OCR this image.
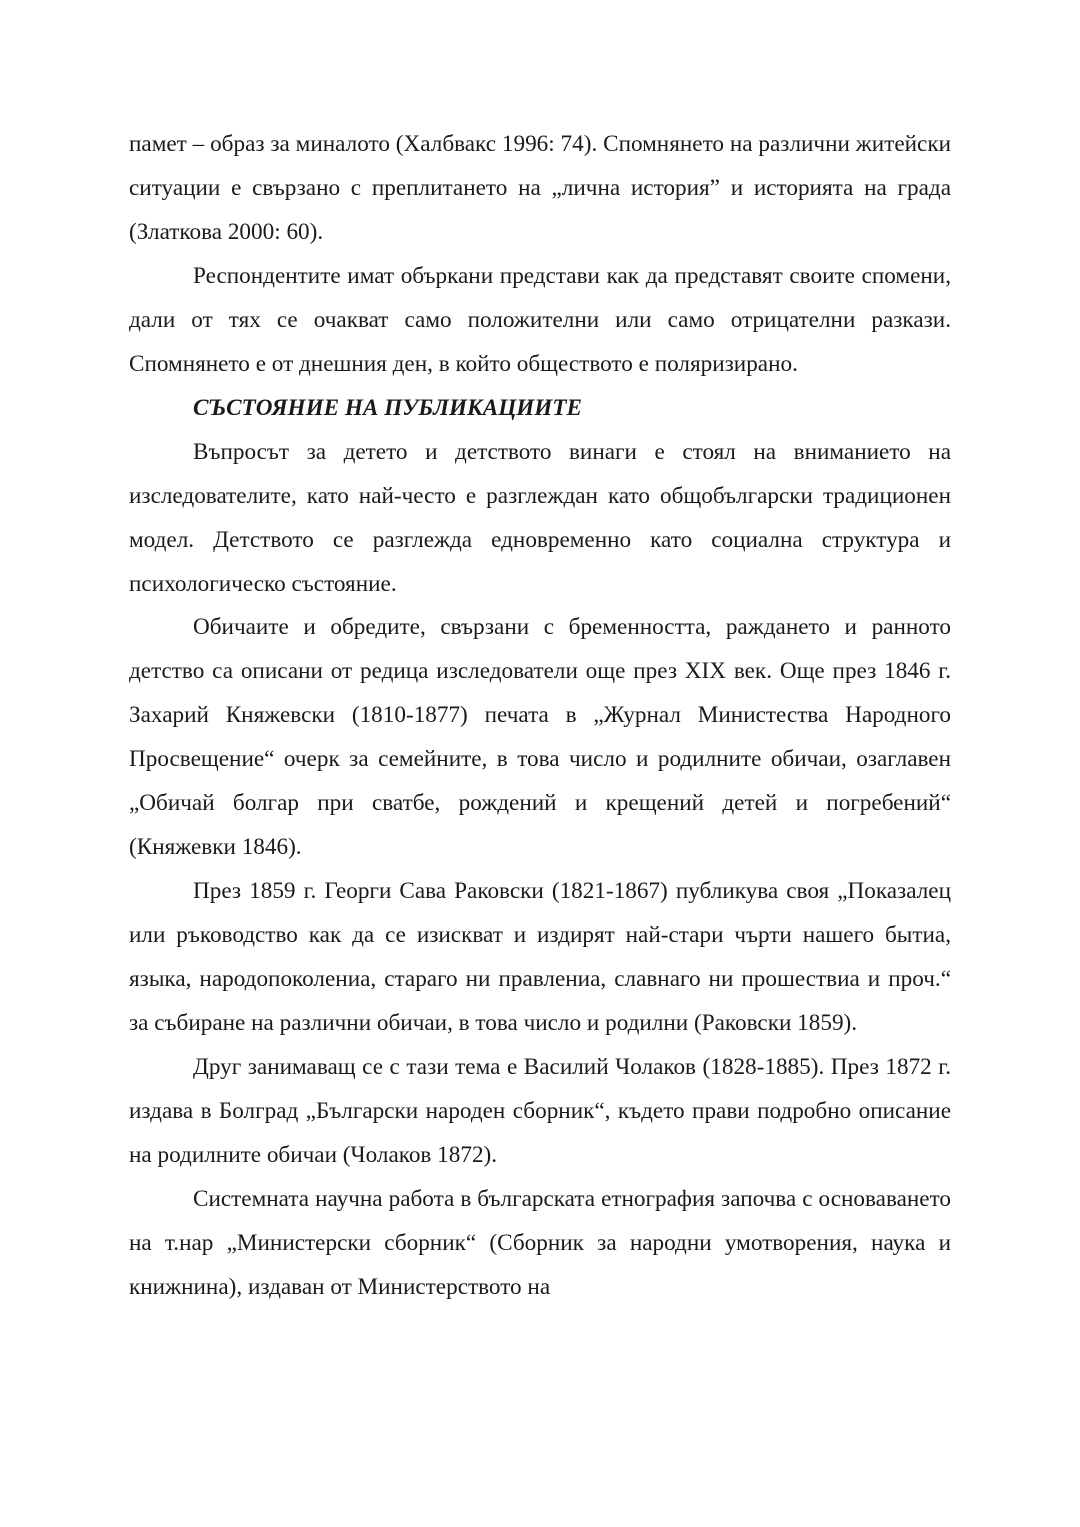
памет – образ за миналото (Халбвакс 1996: 74). Спомнянето на различни житейски ситуации е свързано с преплитането на „лична история” и историята на града (Златкова 2000: 60).

Респондентите имат объркани представи как да представят своите спомени, дали от тях се очакват само положителни или само отрицателни разкази. Спомнянето е от днешния ден, в който обществото е поляризирано.

СЪСТОЯНИЕ НА ПУБЛИКАЦИИТЕ

Въпросът за детето и детството винаги е стоял на вниманието на изследователите, като най-често е разглеждан като общобългарски традиционен модел. Детството се разглежда едновременно като социална структура и психологическо състояние.

Обичаите и обредите, свързани с бременността, раждането и ранното детство са описани от редица изследователи още през XIX век. Още през 1846 г. Захарий Княжевски (1810-1877) печата в „Журнал Министества Народного Просвещение“ очерк за семейните, в това число и родилните обичаи, озаглавен „Обичай болгар при сватбе, рождений и крещений детей и погребений“ (Княжевки 1846).

През 1859 г. Георги Сава Раковски (1821-1867) публикува своя „Показалец или ръководство как да се изискват и издирят най-стари чърти нашего бытиа, языка, народопоколениа, стараго ни правлениа, славнаго ни прошествиа и проч.“ за събиране на различни обичаи, в това число и родилни (Раковски 1859).

Друг занимаващ се с тази тема е Василий Чолаков (1828-1885). През 1872 г. издава в Болград „Български народен сборник“, където прави подробно описание на родилните обичаи (Чолаков 1872).

Системната научна работа в българската етнография започва с основаването на т.нар „Министерски сборник“ (Сборник за народни умотворения, наука и книжнина), издаван от Министерството на
